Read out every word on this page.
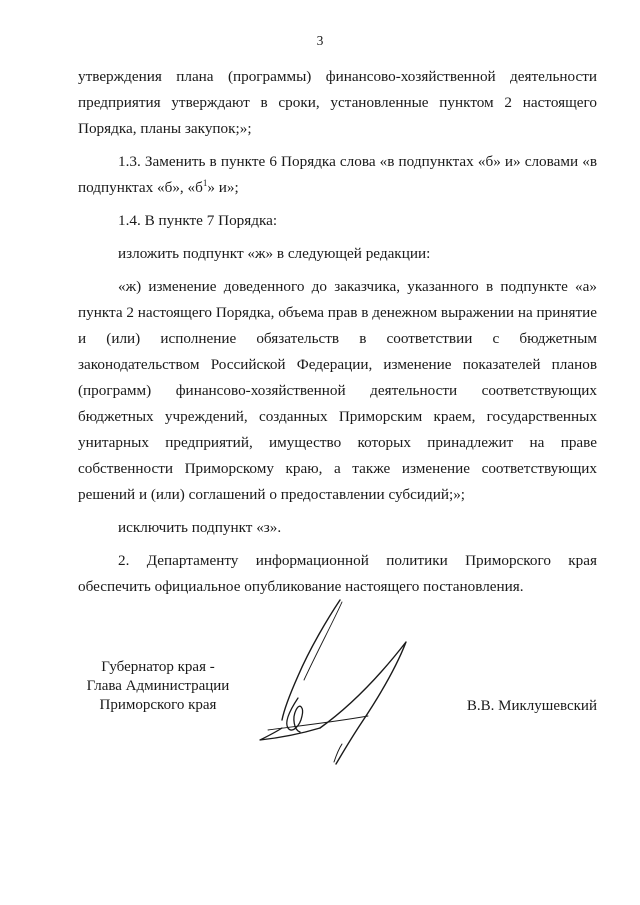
3

утверждения плана (программы) финансово-хозяйственной деятельности предприятия утверждают в сроки, установленные пунктом 2 настоящего Порядка, планы закупок;»;

1.3. Заменить в пункте 6 Порядка слова «в подпунктах «б» и» словами «в подпунктах «б», «$б^1$» и»;

1.4. В пункте 7 Порядка:

изложить подпункт «ж» в следующей редакции:

«ж) изменение доведенного до заказчика, указанного в подпункте «а» пункта 2 настоящего Порядка, объема прав в денежном выражении на принятие и (или) исполнение обязательств в соответствии с бюджетным законодательством Российской Федерации, изменение показателей планов (программ) финансово-хозяйственной деятельности соответствующих бюджетных учреждений, созданных Приморским краем, государственных унитарных предприятий, имущество которых принадлежит на праве собственности Приморскому краю, а также изменение соответствующих решений и (или) соглашений о предоставлении субсидий;»;

исключить подпункт «з».

2. Департаменту информационной политики Приморского края обеспечить официальное опубликование настоящего постановления.

Губернатор края -
Глава Администрации
Приморского края	В.В. Миклушевский
